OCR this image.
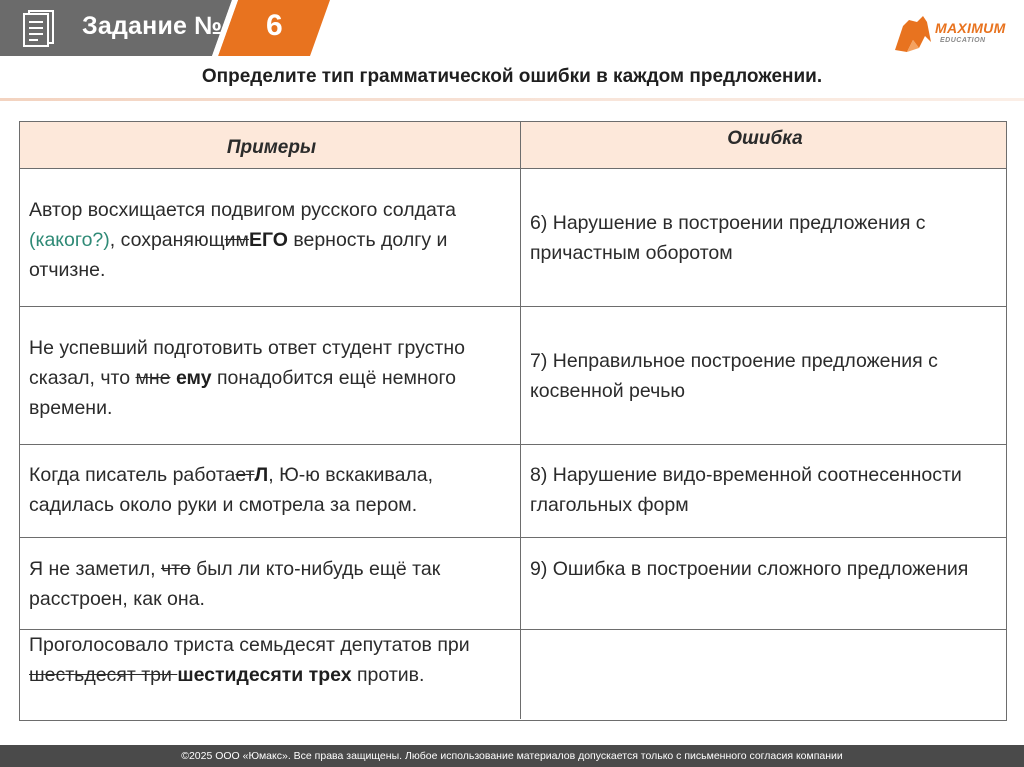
Задание № 6	MAXIMUM
EDUCATION
Определите тип грамматической ошибки в каждом предложении.
Примеры	Ошибка
Автор восхищается подвигом русского солдата (какого?), сохраняющимЕГО верность долгу и отчизне.
6) Нарушение в построении предложения с причастным оборотом
Не успевший подготовить ответ студент грустно сказал, что мне ему понадобится ещё немного времени.
7) Неправильное построение предложения с косвенной речью
Когда писатель работаетЛ, Ю-ю вскакивала, садилась около руки и смотрела за пером.
8) Нарушение видо-временной соотнесенности глагольных форм
Я не заметил, что был ли кто-нибудь ещё так расстроен, как она.
9) Ошибка в построении сложного предложения
Проголосовало триста семьдесят депутатов при шестьдесят три шестидесяти трех против.
©2025 ООО «Юмакс». Все права защищены. Любое использование материалов допускается только с письменного согласия компании
